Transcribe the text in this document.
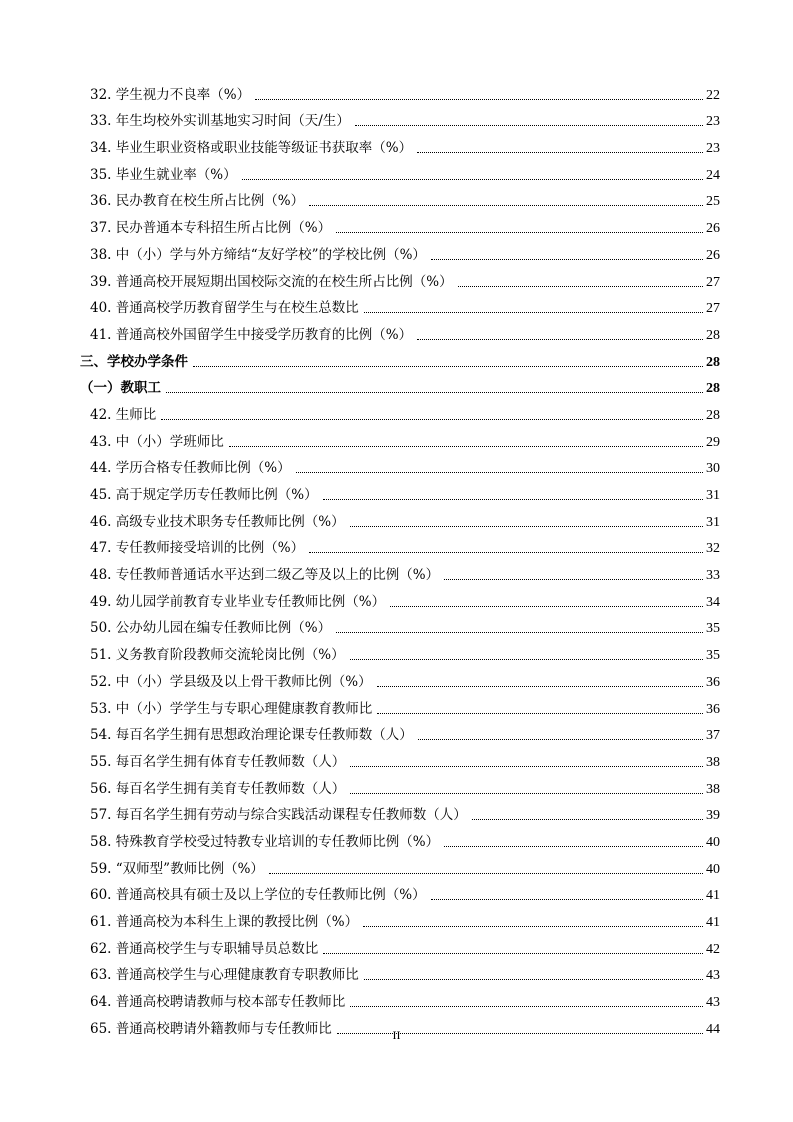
32. 学生视力不良率（%）	22
33. 年生均校外实训基地实习时间（天/生）	23
34. 毕业生职业资格或职业技能等级证书获取率（%）	23
35. 毕业生就业率（%）	24
36. 民办教育在校生所占比例（%）	25
37. 民办普通本专科招生所占比例（%）	26
38. 中（小）学与外方缔结“友好学校”的学校比例（%）	26
39. 普通高校开展短期出国校际交流的在校生所占比例（%）	27
40. 普通高校学历教育留学生与在校生总数比	27
41. 普通高校外国留学生中接受学历教育的比例（%）	28
三、学校办学条件	28
（一）教职工	28
42. 生师比	28
43. 中（小）学班师比	29
44. 学历合格专任教师比例（%）	30
45. 高于规定学历专任教师比例（%）	31
46. 高级专业技术职务专任教师比例（%）	31
47. 专任教师接受培训的比例（%）	32
48. 专任教师普通话水平达到二级乙等及以上的比例（%）	33
49. 幼儿园学前教育专业毕业专任教师比例（%）	34
50. 公办幼儿园在编专任教师比例（%）	35
51. 义务教育阶段教师交流轮岗比例（%）	35
52. 中（小）学县级及以上骨干教师比例（%）	36
53. 中（小）学学生与专职心理健康教育教师比	36
54. 每百名学生拥有思想政治理论课专任教师数（人）	37
55. 每百名学生拥有体育专任教师数（人）	38
56. 每百名学生拥有美育专任教师数（人）	38
57. 每百名学生拥有劳动与综合实践活动课程专任教师数（人）	39
58. 特殊教育学校受过特教专业培训的专任教师比例（%）	40
59. “双师型”教师比例（%）	40
60. 普通高校具有硕士及以上学位的专任教师比例（%）	41
61. 普通高校为本科生上课的教授比例（%）	41
62. 普通高校学生与专职辅导员总数比	42
63. 普通高校学生与心理健康教育专职教师比	43
64. 普通高校聘请教师与校本部专任教师比	43
65. 普通高校聘请外籍教师与专任教师比	44
II
